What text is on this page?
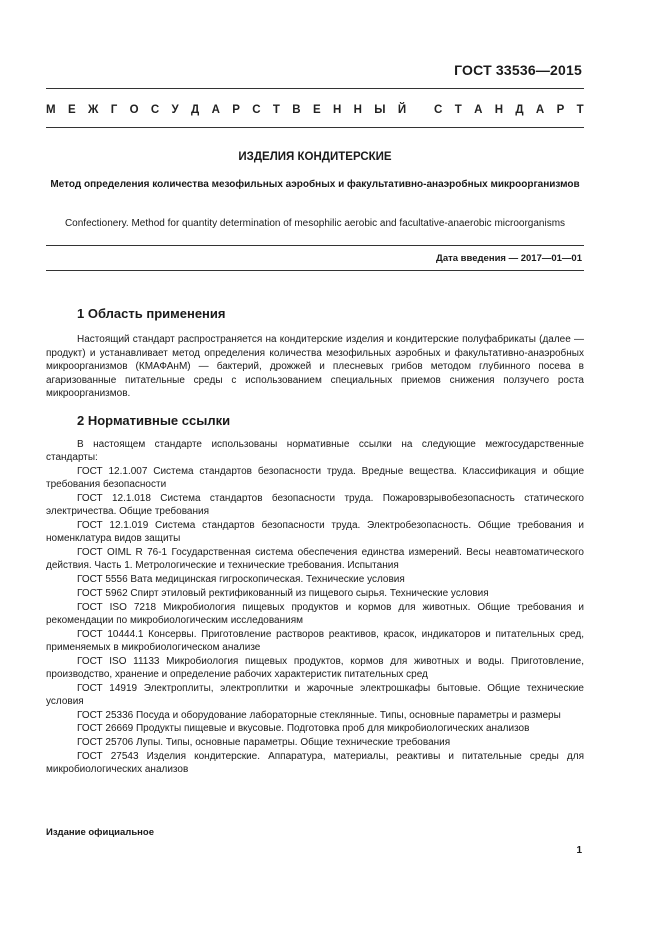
ГОСТ 33536—2015
М Е Ж Г О С У Д А Р С Т В Е Н Н Ы Й
С Т А Н Д А Р Т
ИЗДЕЛИЯ КОНДИТЕРСКИЕ
Метод определения количества мезофильных аэробных и факультативно-анаэробных микроорганизмов
Confectionery. Method for quantity determination of mesophilic aerobic and facultative-anaerobic microorganisms
Дата введения — 2017—01—01
1 Область применения
Настоящий стандарт распространяется на кондитерские изделия и кондитерские полуфабрикаты (далее — продукт) и устанавливает метод определения количества мезофильных аэробных и факультативно-анаэробных микроорганизмов (КМАФАнМ) — бактерий, дрожжей и плесневых грибов методом глубинного посева в агаризованные питательные среды с использованием специальных приемов снижения ползучего роста микроорганизмов.
2 Нормативные ссылки
В настоящем стандарте использованы нормативные ссылки на следующие межгосударственные стандарты:
ГОСТ 12.1.007 Система стандартов безопасности труда. Вредные вещества. Классификация и общие требования безопасности
ГОСТ 12.1.018 Система стандартов безопасности труда. Пожаровзрывобезопасность статического электричества. Общие требования
ГОСТ 12.1.019 Система стандартов безопасности труда. Электробезопасность. Общие требования и номенклатура видов защиты
ГОСТ OIML R 76-1 Государственная система обеспечения единства измерений. Весы неавтоматического действия. Часть 1. Метрологические и технические требования. Испытания
ГОСТ 5556 Вата медицинская гигроскопическая. Технические условия
ГОСТ 5962 Спирт этиловый ректификованный из пищевого сырья. Технические условия
ГОСТ ISO 7218 Микробиология пищевых продуктов и кормов для животных. Общие требования и рекомендации по микробиологическим исследованиям
ГОСТ 10444.1 Консервы. Приготовление растворов реактивов, красок, индикаторов и питательных сред, применяемых в микробиологическом анализе
ГОСТ ISO 11133 Микробиология пищевых продуктов, кормов для животных и воды. Приготовление, производство, хранение и определение рабочих характеристик питательных сред
ГОСТ 14919 Электроплиты, электроплитки и жарочные электрошкафы бытовые. Общие технические условия
ГОСТ 25336 Посуда и оборудование лабораторные стеклянные. Типы, основные параметры и размеры
ГОСТ 26669 Продукты пищевые и вкусовые. Подготовка проб для микробиологических анализов
ГОСТ 25706 Лупы. Типы, основные параметры. Общие технические требования
ГОСТ 27543 Изделия кондитерские. Аппаратура, материалы, реактивы и питательные среды для микробиологических анализов
Издание официальное
1
